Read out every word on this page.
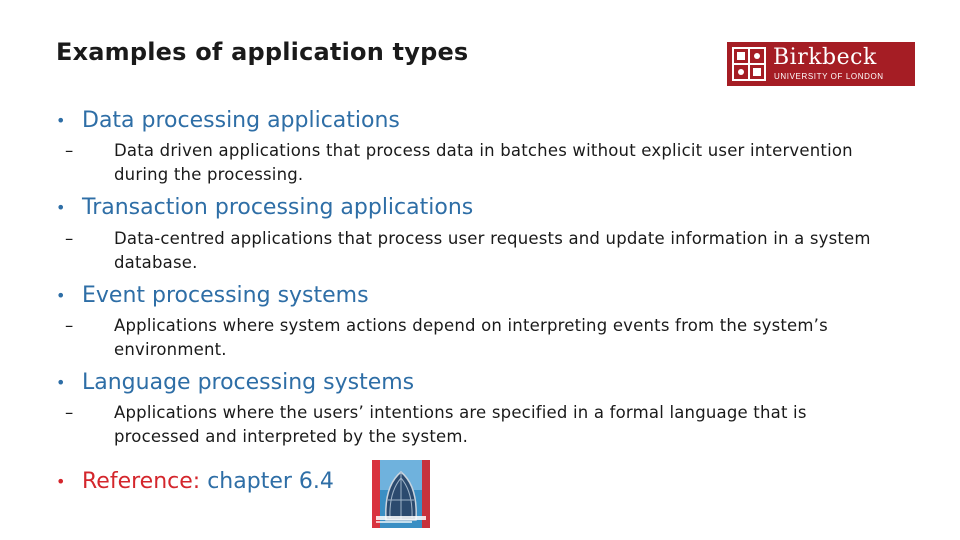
Examples of application types	Birkbeck
UNIVERSITY OF LONDON
• Data processing applications
– Data driven applications that process data in batches without explicit user intervention during the processing.
• Transaction processing applications
– Data-centred applications that process user requests and update information in a system database.
• Event processing systems
– Applications where system actions depend on interpreting events from the system’s environment.
• Language processing systems
– Applications where the users’ intentions are specified in a formal language that is processed and interpreted by the system.
• Reference: chapter 6.4
